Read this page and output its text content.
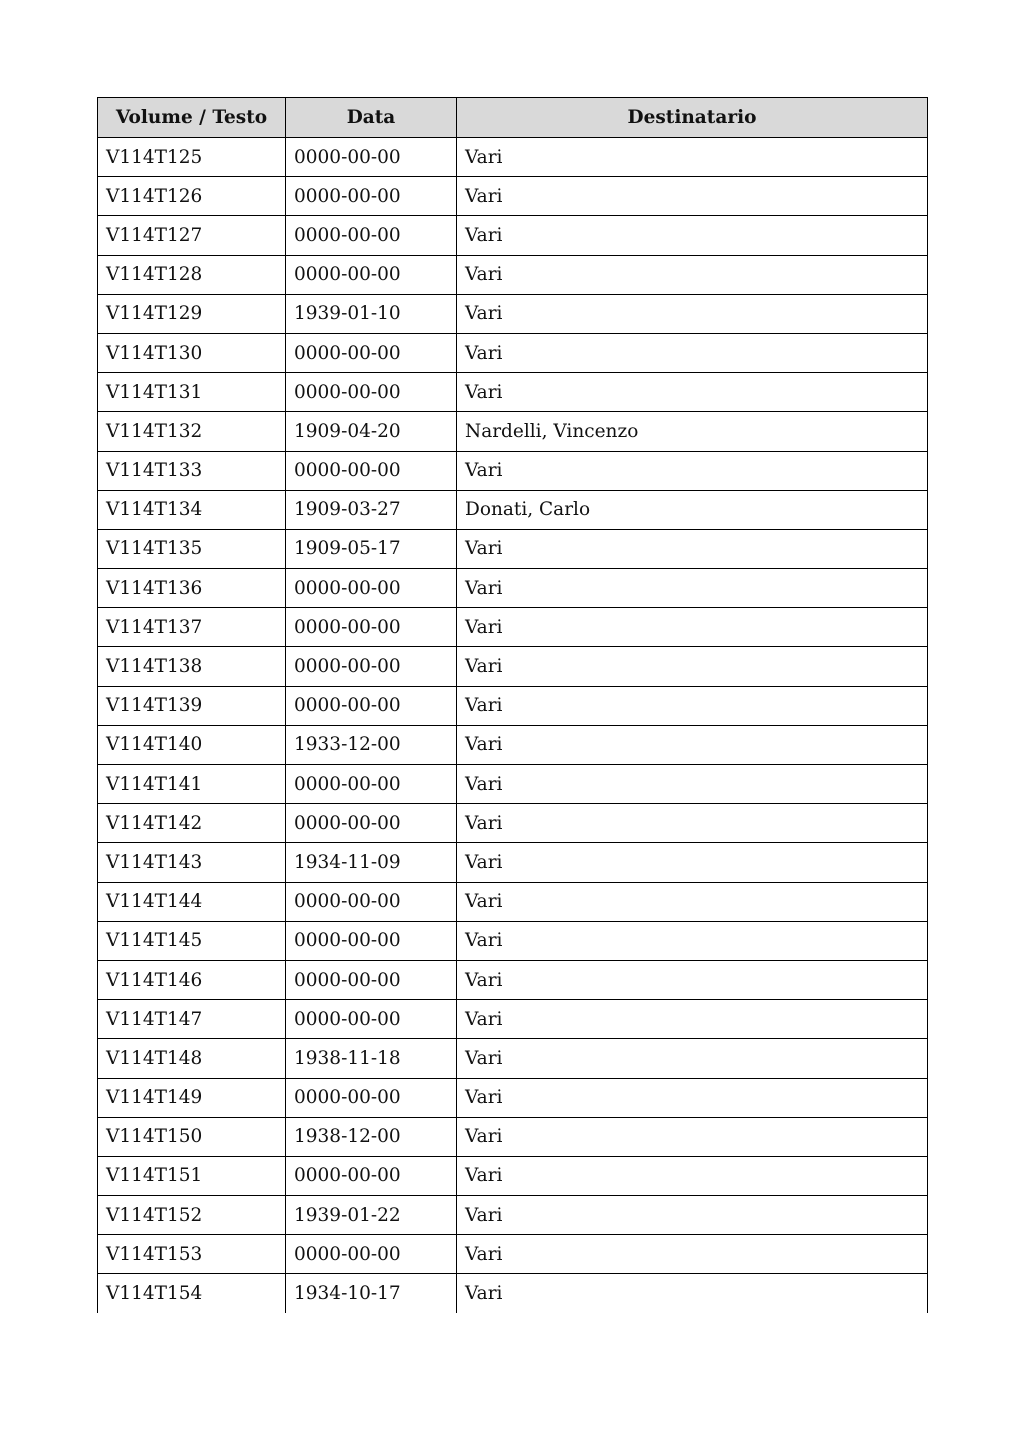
Volume / Testo	Data	Destinatario
V114T125	0000-00-00	Vari
V114T126	0000-00-00	Vari
V114T127	0000-00-00	Vari
V114T128	0000-00-00	Vari
V114T129	1939-01-10	Vari
V114T130	0000-00-00	Vari
V114T131	0000-00-00	Vari
V114T132	1909-04-20	Nardelli, Vincenzo
V114T133	0000-00-00	Vari
V114T134	1909-03-27	Donati, Carlo
V114T135	1909-05-17	Vari
V114T136	0000-00-00	Vari
V114T137	0000-00-00	Vari
V114T138	0000-00-00	Vari
V114T139	0000-00-00	Vari
V114T140	1933-12-00	Vari
V114T141	0000-00-00	Vari
V114T142	0000-00-00	Vari
V114T143	1934-11-09	Vari
V114T144	0000-00-00	Vari
V114T145	0000-00-00	Vari
V114T146	0000-00-00	Vari
V114T147	0000-00-00	Vari
V114T148	1938-11-18	Vari
V114T149	0000-00-00	Vari
V114T150	1938-12-00	Vari
V114T151	0000-00-00	Vari
V114T152	1939-01-22	Vari
V114T153	0000-00-00	Vari
V114T154	1934-10-17	Vari
